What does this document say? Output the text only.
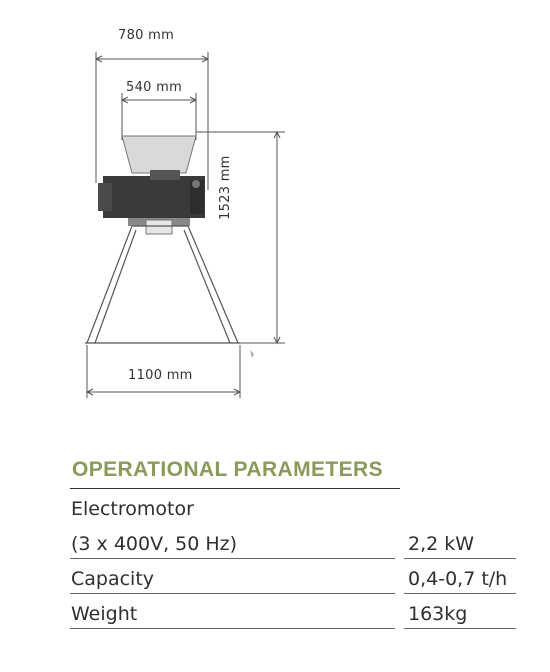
780 mm
540 mm
1523 mm
1100 mm
OPERATIONAL PARAMETERS
Electromotor
(3 x 400V, 50 Hz)	2,2 kW
Capacity	0,4-0,7 t/h
Weight	163kg
